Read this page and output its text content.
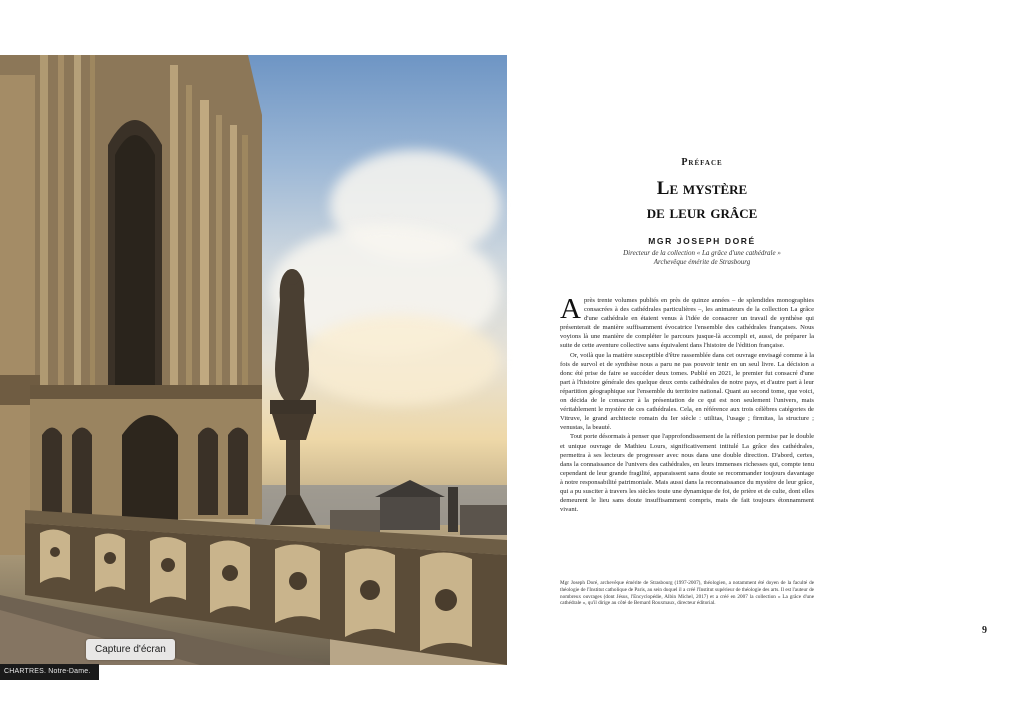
CHARTRES. Notre-Dame.
Capture d'écran
Préface
Le mystère
de leur grâce
MGR JOSEPH DORÉ
Directeur de la collection « La grâce d'une cathédrale »
Archevêque émérite de Strasbourg

Après trente volumes publiés en près de quinze années – de splendides monographies consacrées à des cathédrales particulières –, les animateurs de la collection La grâce d'une cathédrale en étaient venus à l'idée de consacrer un travail de synthèse qui présenterait de manière suffisamment évocatrice l'ensemble des cathédrales françaises. Nous voyions là une manière de compléter le parcours jusque-là accompli et, aussi, de préparer la suite de cette aventure collective sans équivalent dans l'histoire de l'édition française.

Or, voilà que la matière susceptible d'être rassemblée dans cet ouvrage envisagé comme à la fois de survol et de synthèse nous a paru ne pas pouvoir tenir en un seul livre. La décision a donc été prise de faire se succéder deux tomes. Publié en 2021, le premier fut consacré d'une part à l'histoire générale des quelque deux cents cathédrales de notre pays, et d'autre part à leur répartition géographique sur l'ensemble du territoire national. Quant au second tome, que voici, on décida de le consacrer à la présentation de ce qui est non seulement l'univers, mais véritablement le mystère de ces cathédrales. Cela, en référence aux trois célèbres catégories de Vitruve, le grand architecte romain du Ier siècle : utilitas, l'usage ; firmitas, la structure ; venustas, la beauté.

Tout porte désormais à penser que l'approfondissement de la réflexion permise par le double et unique ouvrage de Mathieu Lours, significativement intitulé La grâce des cathédrales, permettra à ses lecteurs de progresser avec nous dans une double direction. D'abord, certes, dans la connaissance de l'univers des cathédrales, en leurs immenses richesses qui, compte tenu cependant de leur grande fragilité, apparaissent sans doute se recommander toujours davantage à notre responsabilité patrimoniale. Mais aussi dans la reconnaissance du mystère de leur grâce, qui a pu susciter à travers les siècles toute une dynamique de foi, de prière et de culte, dont elles demeurent le lieu sans doute insuffisamment compris, mais de fait toujours étonnamment vivant.

Mgr Joseph Doré, archevêque émérite de Strasbourg (1997-2007), théologien, a notamment été doyen de la faculté de théologie de l'Institut catholique de Paris, au sein duquel il a créé l'Institut supérieur de théologie des arts. Il est l'auteur de nombreux ouvrages (dont Jésus, l'Encyclopédie, Albin Michel, 2017) et a créé en 2007 la collection « La grâce d'une cathédrale », qu'il dirige au côté de Bernard Rouxmaux, directeur éditorial.
9
